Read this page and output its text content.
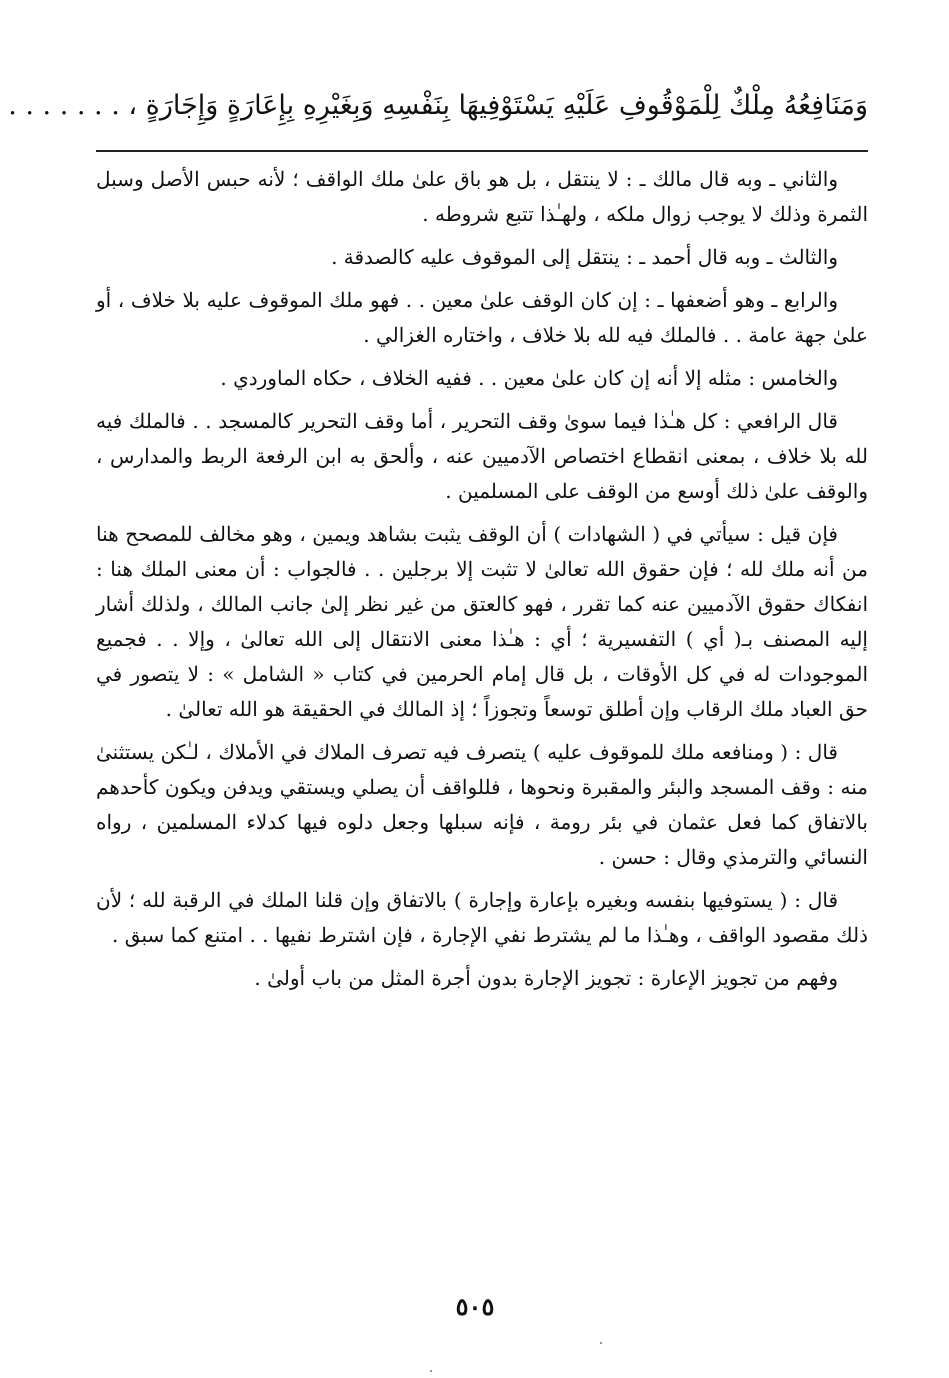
وَمَنَافِعُهُ مِلْكٌ لِلْمَوْقُوفِ عَلَيْهِ يَسْتَوْفِيهَا بِنَفْسِهِ وَبِغَيْرِهِ بِإِعَارَةٍ وَإِجَارَةٍ ، . . . . . . .

والثاني ـ وبه قال مالك ـ : لا ينتقل ، بل هو باق علىٰ ملك الواقف ؛ لأنه حبس الأصل وسبل الثمرة وذلك لا يوجب زوال ملكه ، ولهـٰذا تتبع شروطه .

والثالث ـ وبه قال أحمد ـ : ينتقل إلى الموقوف عليه كالصدقة .

والرابع ـ وهو أضعفها ـ : إن كان الوقف علىٰ معين . . فهو ملك الموقوف عليه بلا خلاف ، أو علىٰ جهة عامة . . فالملك فيه لله بلا خلاف ، واختاره الغزالي .

والخامس : مثله إلا أنه إن كان علىٰ معين . . ففيه الخلاف ، حكاه الماوردي .

قال الرافعي : كل هـٰذا فيما سوىٰ وقف التحرير ، أما وقف التحرير كالمسجد . . فالملك فيه لله بلا خلاف ، بمعنى انقطاع اختصاص الآدميين عنه ، وألحق به ابن الرفعة الربط والمدارس ، والوقف علىٰ ذلك أوسع من الوقف على المسلمين .

فإن قيل : سيأتي في ( الشهادات ) أن الوقف يثبت بشاهد ويمين ، وهو مخالف للمصحح هنا من أنه ملك لله ؛ فإن حقوق الله تعالىٰ لا تثبت إلا برجلين . . فالجواب : أن معنى الملك هنا : انفكاك حقوق الآدميين عنه كما تقرر ، فهو كالعتق من غير نظر إلىٰ جانب المالك ، ولذلك أشار إليه المصنف بـ( أي ) التفسيرية ؛ أي : هـٰذا معنى الانتقال إلى الله تعالىٰ ، وإلا . . فجميع الموجودات له في كل الأوقات ، بل قال إمام الحرمين في كتاب « الشامل » : لا يتصور في حق العباد ملك الرقاب وإن أطلق توسعاً وتجوزاً ؛ إذ المالك في الحقيقة هو الله تعالىٰ .

قال : ( ومنافعه ملك للموقوف عليه ) يتصرف فيه تصرف الملاك في الأملاك ، لـٰكن يستثنىٰ منه : وقف المسجد والبئر والمقبرة ونحوها ، فللواقف أن يصلي ويستقي ويدفن ويكون كأحدهم بالاتفاق كما فعل عثمان في بئر رومة ، فإنه سبلها وجعل دلوه فيها كدلاء المسلمين ، رواه النسائي والترمذي وقال : حسن .

قال : ( يستوفيها بنفسه وبغيره بإعارة وإجارة ) بالاتفاق وإن قلنا الملك في الرقبة لله ؛ لأن ذلك مقصود الواقف ، وهـٰذا ما لم يشترط نفي الإجارة ، فإن اشترط نفيها . . امتنع كما سبق .

وفهم من تجويز الإعارة : تجويز الإجارة بدون أجرة المثل من باب أولىٰ .

٥٠٥
